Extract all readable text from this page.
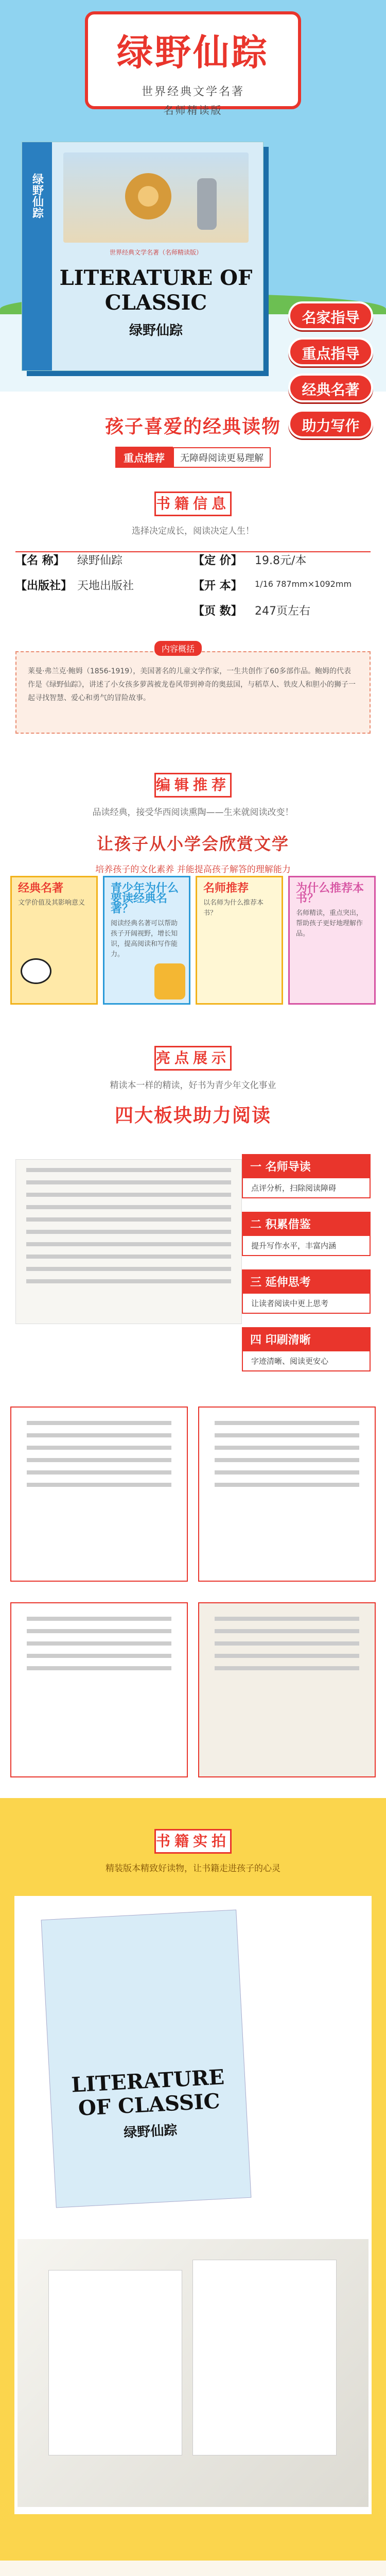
绿野仙踪
世界经典文学名著
名师精读版
绿野仙踪
世界经典文学名著（名师精读版）
LITERATURE OF CLASSIC
绿野仙踪
名家指导
重点指导
经典名著
助力写作
孩子喜爱的经典读物
重点推荐	无障碍阅读更易理解
书籍信息
选择决定成长，阅读决定人生！
【名 称】	绿野仙踪	【定 价】	19.8元/本
【出版社】 天地出版社	【开 本】	1/16 787mm×1092mm
【页 数】	247页左右
内容概括
莱曼·弗兰克·鲍姆（1856-1919），美国著名的儿童文学作家，一生共创作了60多部作品。鲍姆的代表作是《绿野仙踪》，讲述了小女孩多萝茜被龙卷风带到神奇的奥兹国，与稻草人、铁皮人和胆小的狮子一起寻找智慧、爱心和勇气的冒险故事。
编辑推荐
品读经典，接受华西阅读熏陶——生来就阅读改变！
让孩子从小学会欣赏文学
培养孩子的文化素养 并能提高孩子解答的理解能力
经典名著

文学价值及其影响意义

青少年为什么要读经典名著？

阅读经典名著可以帮助孩子开阔视野，增长知识，提高阅读和写作能力。

名师推荐

以名师为什么推荐本书？

为什么推荐本书？

名师精读，重点突出，帮助孩子更好地理解作品。

亮点展示
精读本一样的精读，好书为青少年文化事业
四大板块助力阅读
一 名师导读
点评分析，扫除阅读障碍
二 积累借鉴
提升写作水平，丰富内涵
三 延伸思考
让读者阅读中更上思考
四 印刷清晰
字迹清晰、阅读更安心
书籍实拍
精装版本精致好读物，让书籍走进孩子的心灵
LITERATURE OF CLASSIC
绿野仙踪
